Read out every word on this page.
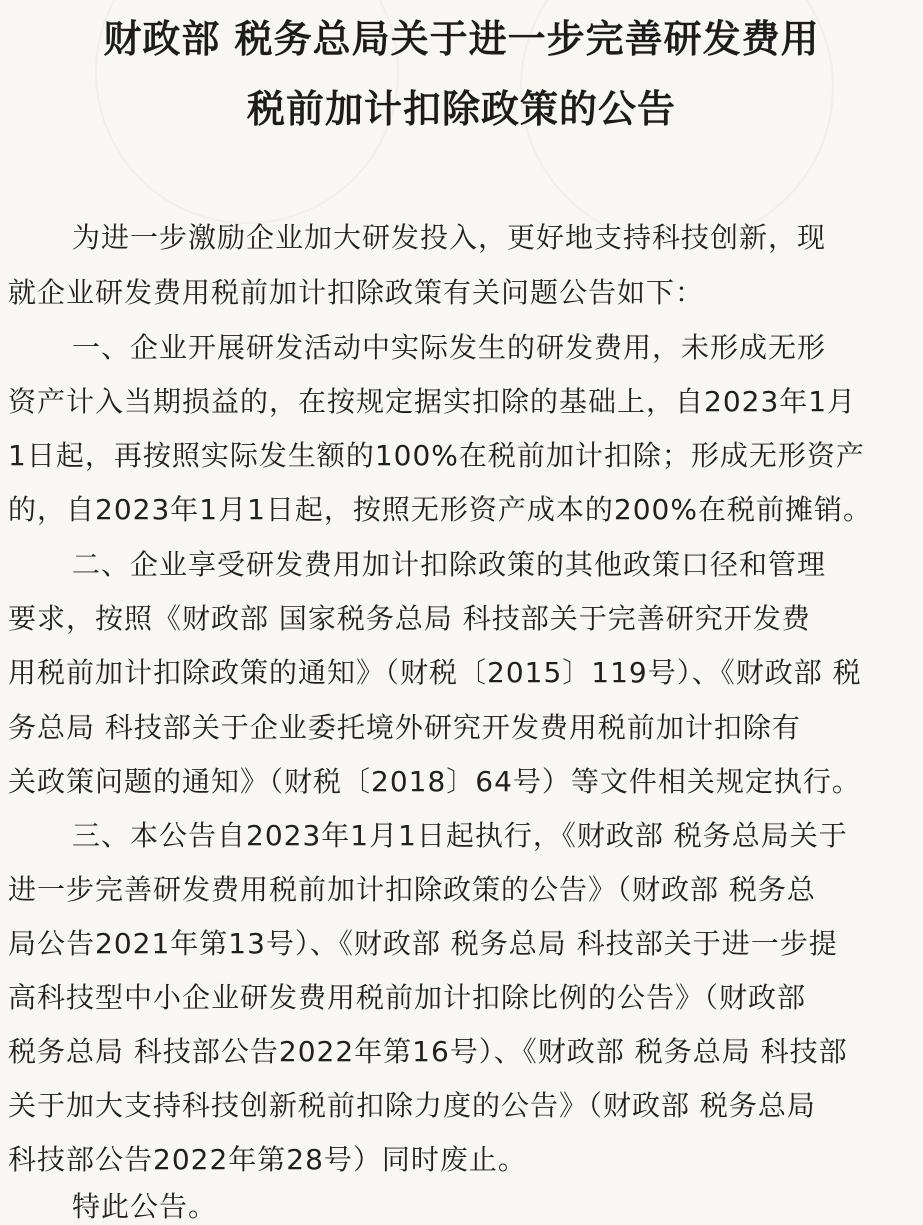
财政部 税务总局关于进一步完善研发费用
税前加计扣除政策的公告
为进一步激励企业加大研发投入，更好地支持科技创新，现
就企业研发费用税前加计扣除政策有关问题公告如下：
一、企业开展研发活动中实际发生的研发费用，未形成无形
资产计入当期损益的，在按规定据实扣除的基础上，自2023年1月
1日起，再按照实际发生额的100%在税前加计扣除；形成无形资产
的，自2023年1月1日起，按照无形资产成本的200%在税前摊销。
二、企业享受研发费用加计扣除政策的其他政策口径和管理
要求，按照《财政部 国家税务总局 科技部关于完善研究开发费
用税前加计扣除政策的通知》（财税〔2015〕119号）、《财政部 税
务总局 科技部关于企业委托境外研究开发费用税前加计扣除有
关政策问题的通知》（财税〔2018〕64号）等文件相关规定执行。
三、本公告自2023年1月1日起执行，《财政部 税务总局关于
进一步完善研发费用税前加计扣除政策的公告》（财政部 税务总
局公告2021年第13号）、《财政部 税务总局 科技部关于进一步提
高科技型中小企业研发费用税前加计扣除比例的公告》（财政部
税务总局 科技部公告2022年第16号）、《财政部 税务总局 科技部
关于加大支持科技创新税前扣除力度的公告》（财政部 税务总局
科技部公告2022年第28号）同时废止。
特此公告。
